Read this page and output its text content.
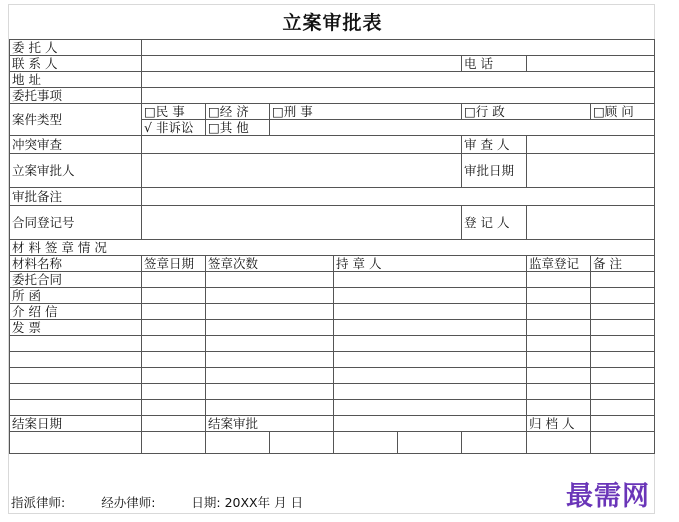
立案审批表
委 托 人								
联 系 人						电 话		
地 址								
委托事项								
案件类型	□民 事	□经 济	□刑 事			□行 政		□顾 问
	√ 非诉讼	□其 他						
冲突审查						审 查 人		
立案审批人						审批日期		
审批备注								
合同登记号						登 记 人		
材 料 签 章 情 况								
材料名称	签章日期	签章次数		持 章 人			监章登记	备 注
委托合同								
所 函								
介 绍 信								
发 票								

结案日期		结案审批					归 档 人	

指派律师:	经办律师:	日期: 20XX年 月 日	最需网
